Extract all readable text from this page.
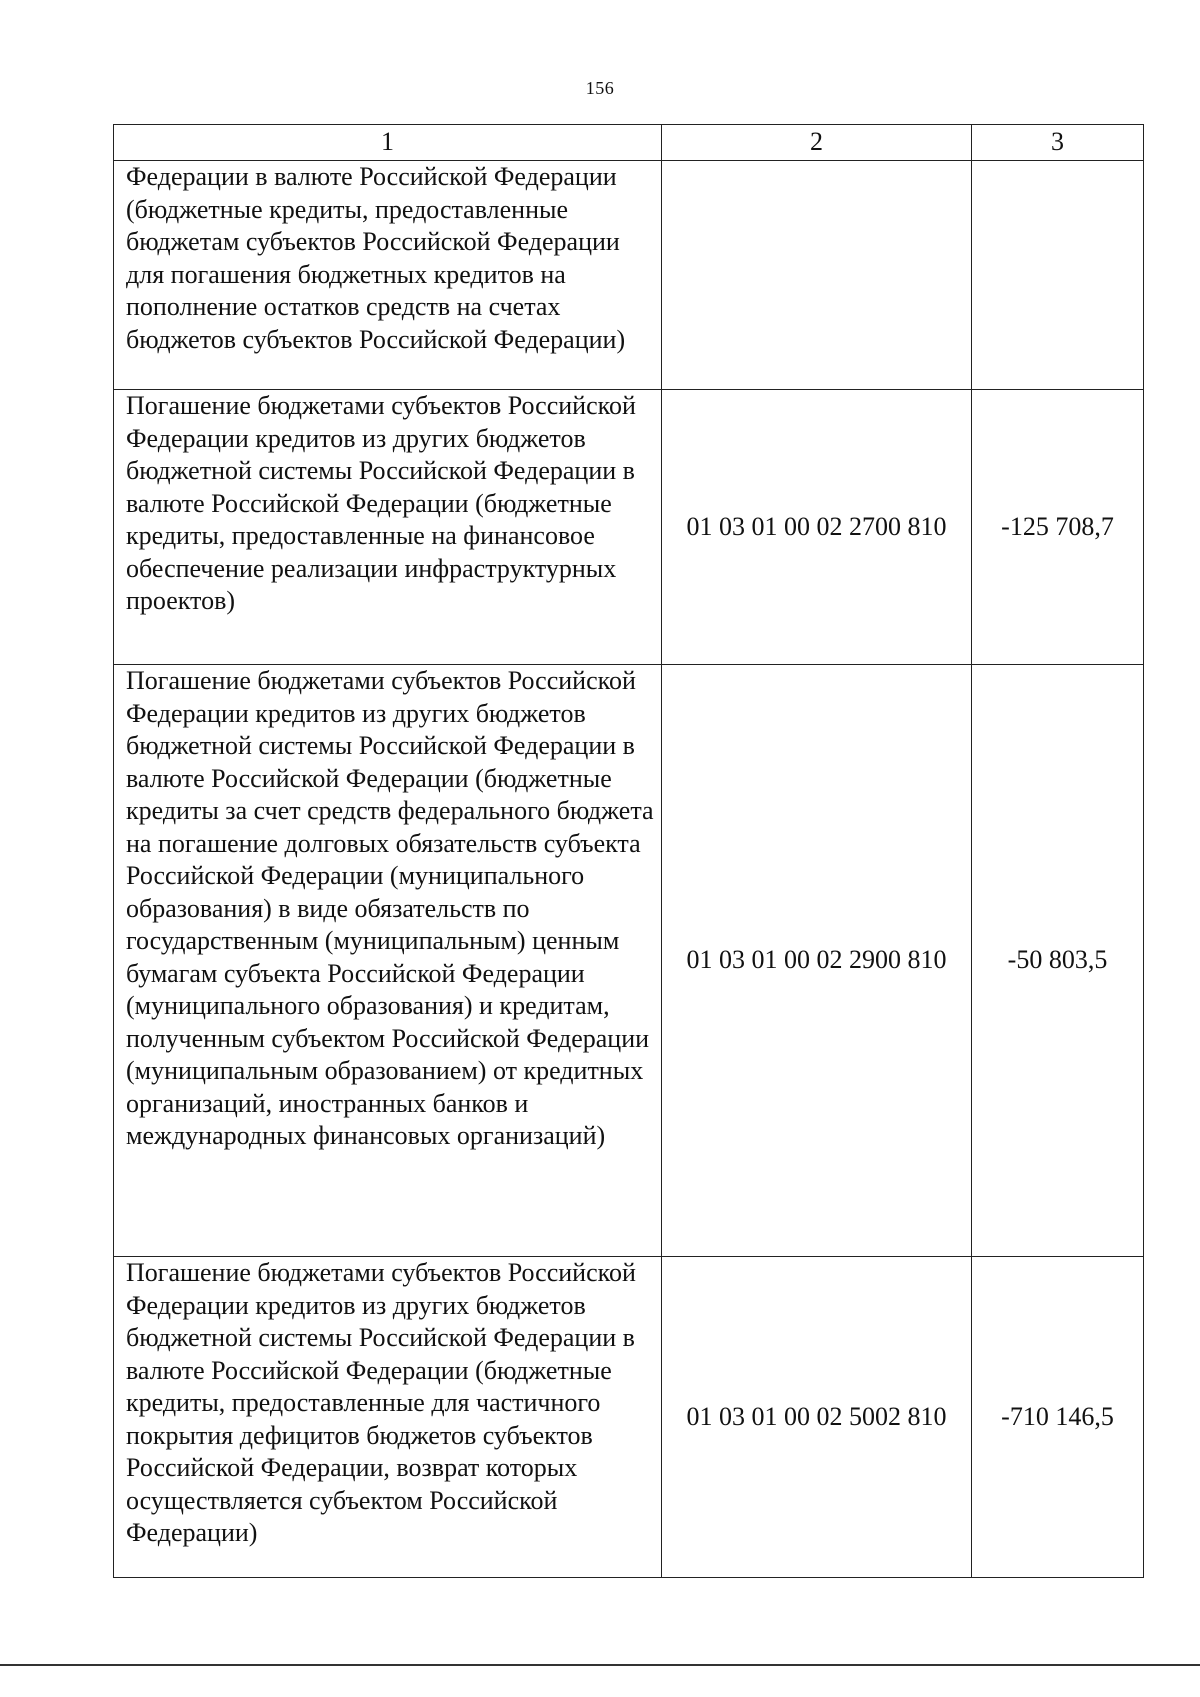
156
1	2	3
Федерации в валюте Российской Федерации (бюджетные кредиты, предоставленные бюджетам субъектов Российской Федерации для погашения бюджетных кредитов на пополнение остатков средств на счетах бюджетов субъектов Российской Федерации)		
Погашение бюджетами субъектов Российской Федерации кредитов из других бюджетов бюджетной системы Российской Федерации в валюте Российской Федерации (бюджетные кредиты, предоставленные на финансовое обеспечение реализации инфраструктурных проектов)	01 03 01 00 02 2700 810	-125 708,7
Погашение бюджетами субъектов Российской Федерации кредитов из других бюджетов бюджетной системы Российской Федерации в валюте Российской Федерации (бюджетные кредиты за счет средств федерального бюджета на погашение долговых обязательств субъекта Российской Федерации (муниципального образования) в виде обязательств по государственным (муниципальным) ценным бумагам субъекта Российской Федерации (муниципального образования) и кредитам, полученным субъектом Российской Федерации (муниципальным образованием) от кредитных организаций, иностранных банков и международных финансовых организаций)	01 03 01 00 02 2900 810	-50 803,5
Погашение бюджетами субъектов Российской Федерации кредитов из других бюджетов бюджетной системы Российской Федерации в валюте Российской Федерации (бюджетные кредиты, предоставленные для частичного покрытия дефицитов бюджетов субъектов Российской Федерации, возврат которых осуществляется субъектом Российской Федерации)	01 03 01 00 02 5002 810	-710 146,5
